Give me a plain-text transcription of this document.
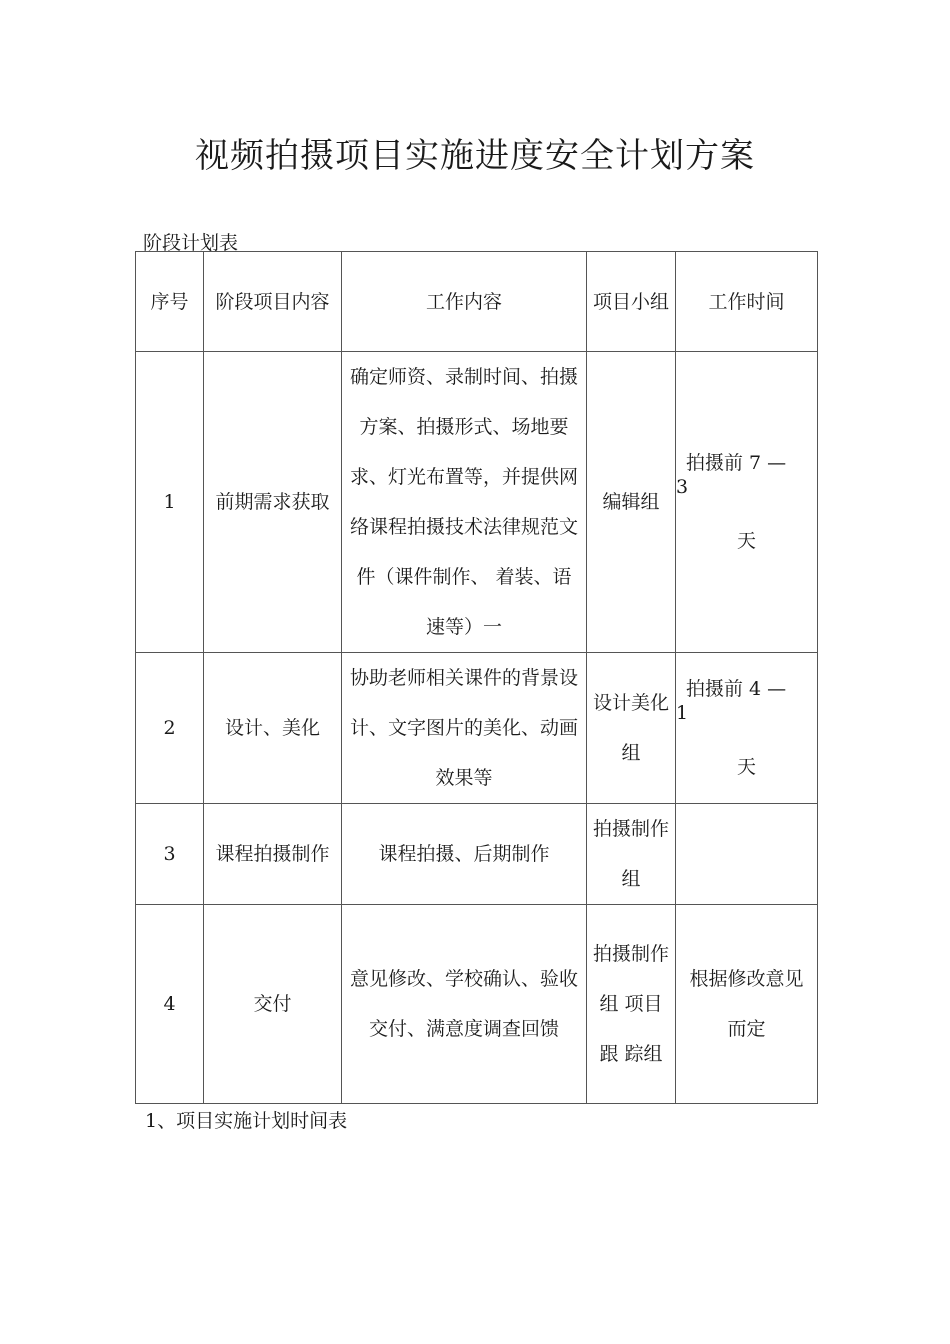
视频拍摄项目实施进度安全计划方案
阶段计划表
序号	阶段项目内容	工作内容	项目小组	工作时间
1	前期需求获取	确定师资、录制时间、拍摄方案、拍摄形式、场地要求、灯光布置等，并提供网络课程拍摄技术法律规范文件（课件制作、 着装、语速等）一	编辑组	拍摄前 7 —
3
天

2	设计、美化	协助老师相关课件的背景设计、文字图片的美化、动画效果等	设计美化组	拍摄前 4 —
1
天

3	课程拍摄制作	课程拍摄、后期制作	拍摄制作组	
4	交付	意见修改、学校确认、验收交付、满意度调查回馈	拍摄制作组 项目跟 踪组	根据修改意见而定
1、项目实施计划时间表
